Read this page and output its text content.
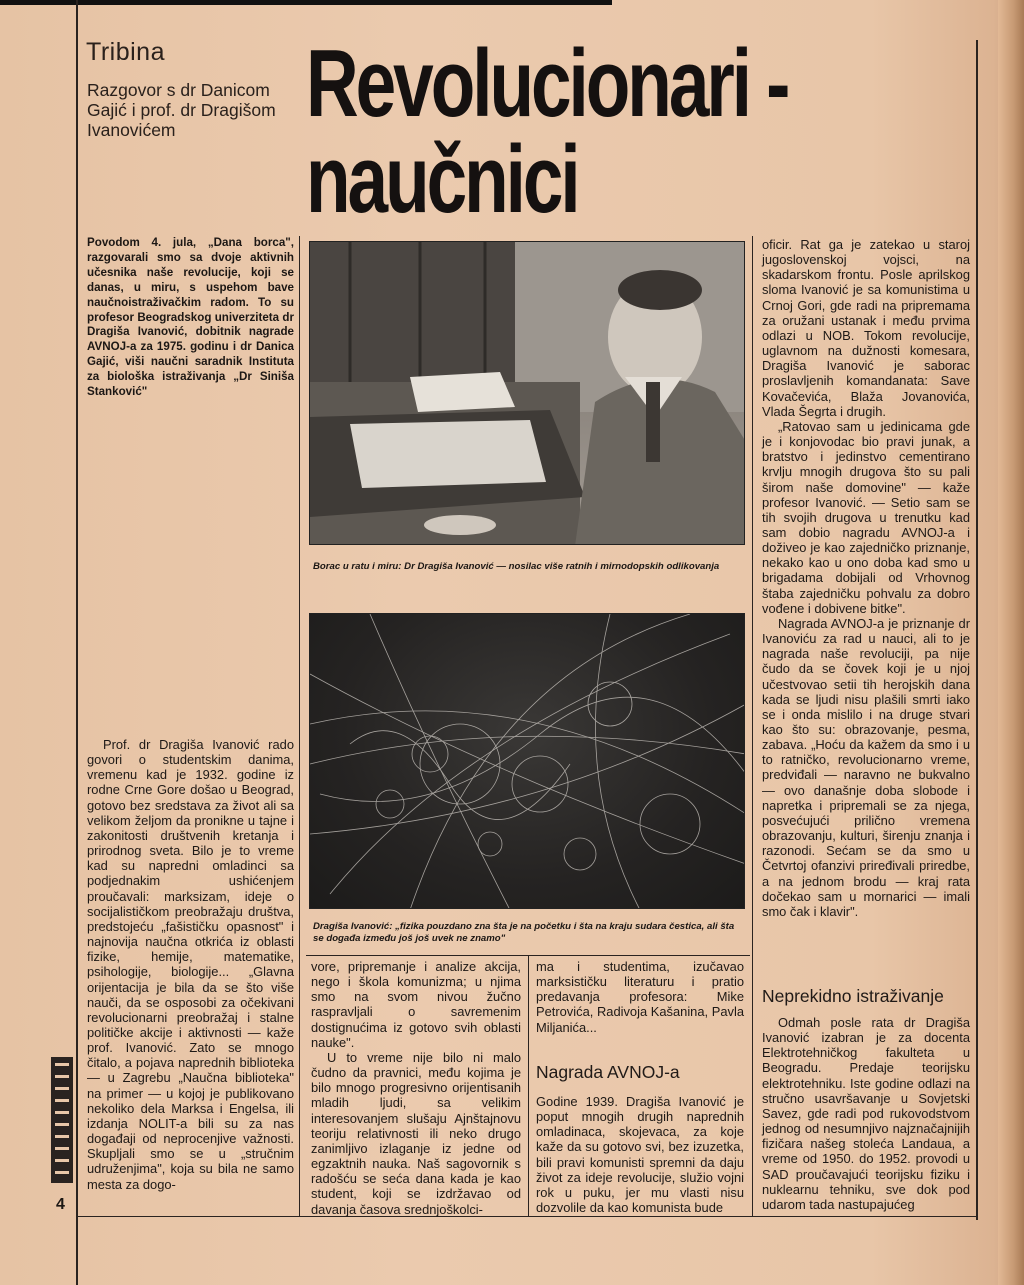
Tribina
Razgovor s dr Danicom Gajić i prof. dr Dragišom Ivanovićem	Revolucionari -
naučnici
Povodom 4. jula, „Dana borca", razgovarali smo sa dvoje aktivnih učesnika naše revolucije, koji se danas, u miru, s uspehom bave naučnoistraživačkim radom. To su profesor Beogradskog univerziteta dr Dragiša Ivanović, dobitnik nagrade AVNOJ-a za 1975. godinu i dr Danica Gajić, viši naučni saradnik Instituta za biološka istraživanja „Dr Siniša Stanković"
Borac u ratu i miru: Dr Dragiša Ivanović — nosilac više ratnih i mirnodopskih odlikovanja
Dragiša Ivanović: „fizika pouzdano zna šta je na početku i šta na kraju sudara čestica, ali šta se događa između još još uvek ne znamo"

Prof. dr Dragiša Ivanović rado govori o studentskim danima, vremenu kad je 1932. godine iz rodne Crne Gore došao u Beograd, gotovo bez sredstava za život ali sa velikom željom da pronikne u tajne i zakonitosti društvenih kretanja i prirodnog sveta. Bilo je to vreme kad su napredni omladinci sa podjednakim ushićenjem proučavali: marksizam, ideje o socijalističkom preobražaju društva, predstojeću „fašističku opasnost" i najnovija naučna otkrića iz oblasti fizike, hemije, matematike, psihologije, biologije... „Glavna orijentacija je bila da se što više nauči, da se osposobi za očekivani revolucionarni preobražaj i stalne političke akcije i aktivnosti — kaže prof. Ivanović. Zato se mnogo čitalo, a pojava naprednih biblioteka — u Zagrebu „Naučna biblioteka" na primer — u kojoj je publikovano nekoliko dela Marksa i Engelsa, ili izdanja NOLIT-a bili su za nas događaji od neprocenjive važnosti. Skupljali smo se u „stručnim udruženjima", koja su bila ne samo mesta za dogo-

vore, pripremanje i analize akcija, nego i škola komunizma; u njima smo na svom nivou žučno raspravljali o savremenim dostignućima iz gotovo svih oblasti nauke".

U to vreme nije bilo ni malo čudno da pravnici, među kojima je bilo mnogo progresivno orijentisanih mladih ljudi, sa velikim interesovanjem slušaju Ajnštajnovu teoriju relativnosti ili neko drugo zanimljivo izlaganje iz jedne od egzaktnih nauka. Naš sagovornik s radošću se seća dana kada je kao student, koji se izdržavao od davanja časova srednjoškolci-

ma i studentima, izučavao marksističku literaturu i pratio predavanja profesora: Mike Petrovića, Radivoja Kašanina, Pavla Miljanića...

Nagrada AVNOJ-a

Godine 1939. Dragiša Ivanović je poput mnogih drugih naprednih omladinaca, skojevaca, za koje kaže da su gotovo svi, bez izuzetka, bili pravi komunisti spremni da daju život za ideje revolucije, služio vojni rok u puku, jer mu vlasti nisu dozvolile da kao komunista bude

oficir. Rat ga je zatekao u staroj jugoslovenskoj vojsci, na skadarskom frontu. Posle aprilskog sloma Ivanović je sa komunistima u Crnoj Gori, gde radi na pripremama za oružani ustanak i među prvima odlazi u NOB. Tokom revolucije, uglavnom na dužnosti komesara, Dragiša Ivanović je saborac proslavljenih komandanata: Save Kovačevića, Blaža Jovanovića, Vlada Šegrta i drugih.

„Ratovao sam u jedinicama gde je i konjovodac bio pravi junak, a bratstvo i jedinstvo cementirano krvlju mnogih drugova što su pali širom naše domovine" — kaže profesor Ivanović. — Setio sam se tih svojih drugova u trenutku kad sam dobio nagradu AVNOJ-a i doživeo je kao zajedničko priznanje, nekako kao u ono doba kad smo u brigadama dobijali od Vrhovnog štaba zajedničku pohvalu za dobro vođene i dobivene bitke".

Nagrada AVNOJ-a je priznanje dr Ivanoviću za rad u nauci, ali to je nagrada naše revoluciji, pa nije čudo da se čovek koji je u njoj učestvovao setii tih herojskih dana kada se ljudi nisu plašili smrti iako se i onda mislilo i na druge stvari kao što su: obrazovanje, pesma, zabava. „Hoću da kažem da smo i u to ratničko, revolucionarno vreme, predviđali — naravno ne bukvalno — ovo današnje doba slobode i napretka i pripremali se za njega, posvećujući prilično vremena obrazovanju, kulturi, širenju znanja i razonodi. Sećam se da smo u Četvrtoj ofanzivi priređivali priredbe, a na jednom brodu — kraj rata dočekao sam u mornarici — imali smo čak i klavir".

Neprekidno istraživanje

Odmah posle rata dr Dragiša Ivanović izabran je za docenta Elektrotehničkog fakulteta u Beogradu. Predaje teorijsku elektrotehniku. Iste godine odlazi na stručno usavršavanje u Sovjetski Savez, gde radi pod rukovodstvom jednog od nesumnjivo najznačajnijih fizičara našeg stoleća Landaua, a vreme od 1950. do 1952. provodi u SAD proučavajući teorijsku fiziku i nuklearnu tehniku, sve dok pod udarom tada nastupajućeg

4
